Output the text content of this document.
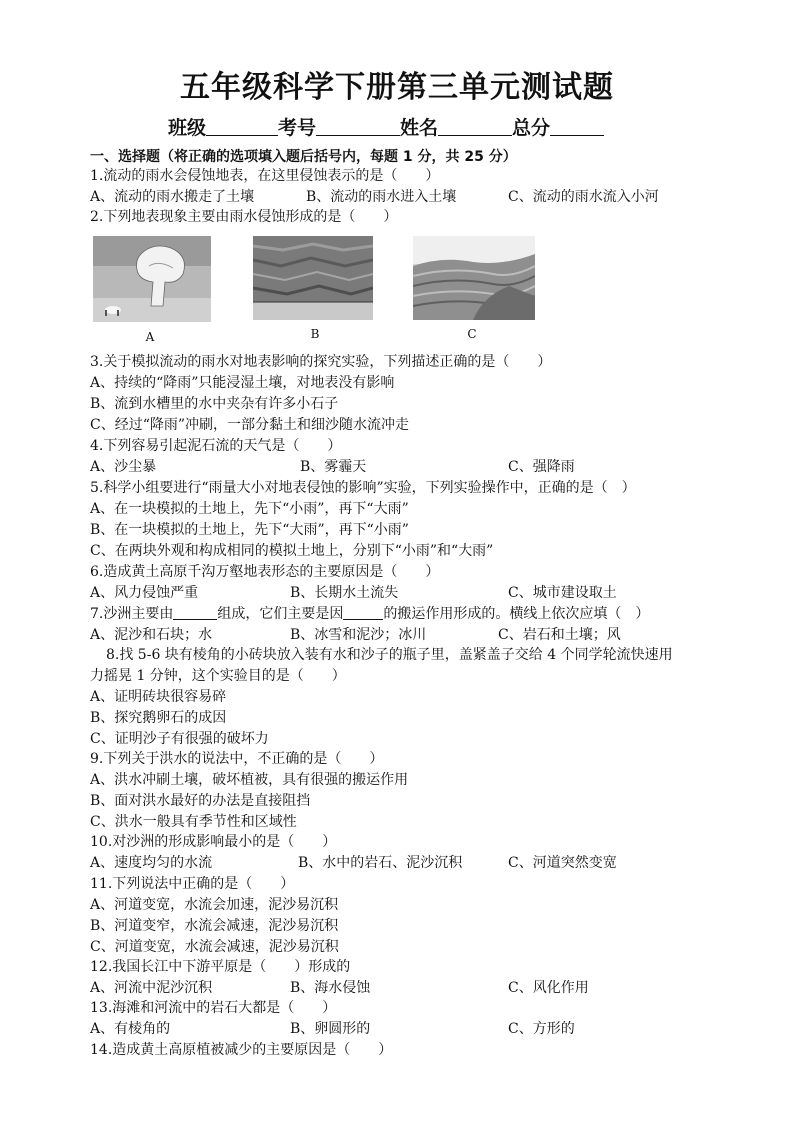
五年级科学下册第三单元测试题
班级	考号	姓名	总分
一、选择题（将正确的选项填入题后括号内，每题 1 分，共 25 分）
1.流动的雨水会侵蚀地表，在这里侵蚀表示的是（　　）
A、流动的雨水搬走了土壤	B、流动的雨水进入土壤	C、流动的雨水流入小河
2.下列地表现象主要由雨水侵蚀形成的是（　　）
A	B	C
3.关于模拟流动的雨水对地表影响的探究实验，下列描述正确的是（　　）
A、持续的“降雨”只能浸湿土壤，对地表没有影响
B、流到水槽里的水中夹杂有许多小石子
C、经过“降雨”冲刷，一部分黏土和细沙随水流冲走
4.下列容易引起泥石流的天气是（　　）
A、沙尘暴	B、雾霾天	C、强降雨
5.科学小组要进行“雨量大小对地表侵蚀的影响”实验，下列实验操作中，正确的是（　）
A、在一块模拟的土地上，先下“小雨”，再下“大雨”
B、在一块模拟的土地上，先下“大雨”，再下“小雨”
C、在两块外观和构成相同的模拟土地上，分别下“小雨”和“大雨”
6.造成黄土高原千沟万壑地表形态的主要原因是（　　）
A、风力侵蚀严重	B、长期水土流失	C、城市建设取土
7.沙洲主要由	组成，它们主要是因	的搬运作用形成的。横线上依次应填（　）
A、泥沙和石块；水	B、冰雪和泥沙；冰川	C、岩石和土壤；风
8.找 5-6 块有棱角的小砖块放入装有水和沙子的瓶子里，盖紧盖子交给 4 个同学轮流快速用
力摇晃 1 分钟，这个实验目的是（　　）
A、证明砖块很容易碎
B、探究鹅卵石的成因
C、证明沙子有很强的破坏力
9.下列关于洪水的说法中，不正确的是（　　）
A、洪水冲刷土壤，破坏植被，具有很强的搬运作用
B、面对洪水最好的办法是直接阻挡
C、洪水一般具有季节性和区域性
10.对沙洲的形成影响最小的是（　　）
A、速度均匀的水流	B、水中的岩石、泥沙沉积	C、河道突然变宽
11.下列说法中正确的是（　　）
A、河道变宽，水流会加速，泥沙易沉积
B、河道变窄，水流会减速，泥沙易沉积
C、河道变宽，水流会减速，泥沙易沉积
12.我国长江中下游平原是（　　）形成的
A、河流中泥沙沉积	B、海水侵蚀	C、风化作用
13.海滩和河流中的岩石大都是（　　）
A、有棱角的	B、卵圆形的	C、方形的
14.造成黄土高原植被减少的主要原因是（　　）
